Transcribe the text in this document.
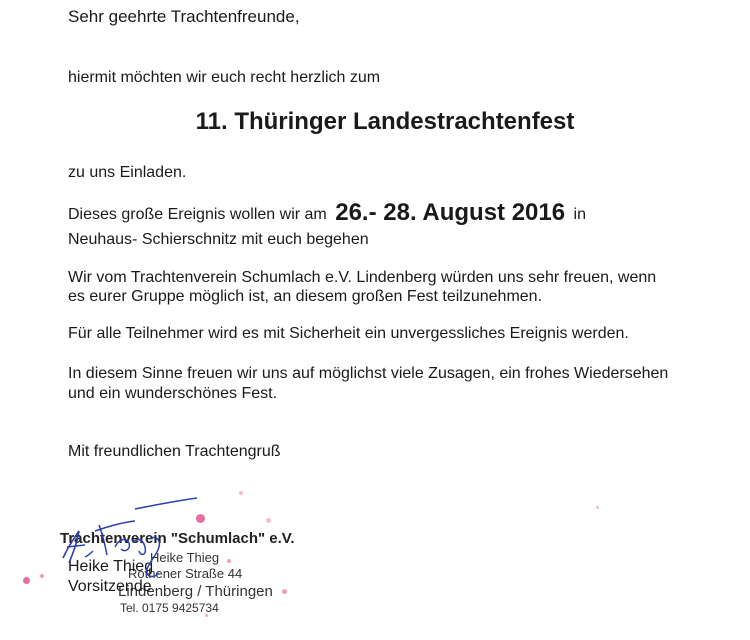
Sehr geehrte Trachtenfreunde,
hiermit möchten wir euch recht herzlich zum
11. Thüringer Landestrachtenfest
zu uns Einladen.
Dieses große Ereignis wollen wir am 26.- 28. August 2016 in
Neuhaus- Schierschnitz mit euch begehen
Wir vom Trachtenverein Schumlach e.V. Lindenberg würden uns sehr freuen, wenn
es eurer Gruppe möglich ist, an diesem großen Fest teilzunehmen.
Für alle Teilnehmer wird es mit Sicherheit ein unvergessliches Ereignis werden.
In diesem Sinne freuen wir uns auf möglichst viele Zusagen, ein frohes Wiedersehen
und ein wunderschönes Fest.
Mit freundlichen Trachtengruß
Trachtenverein "Schumlach" e.V.
Heike Thieg
Rothener Straße 44
Lindenberg / Thüringen
Tel. 0175 9425734
Heike Thieg
Vorsitzende
